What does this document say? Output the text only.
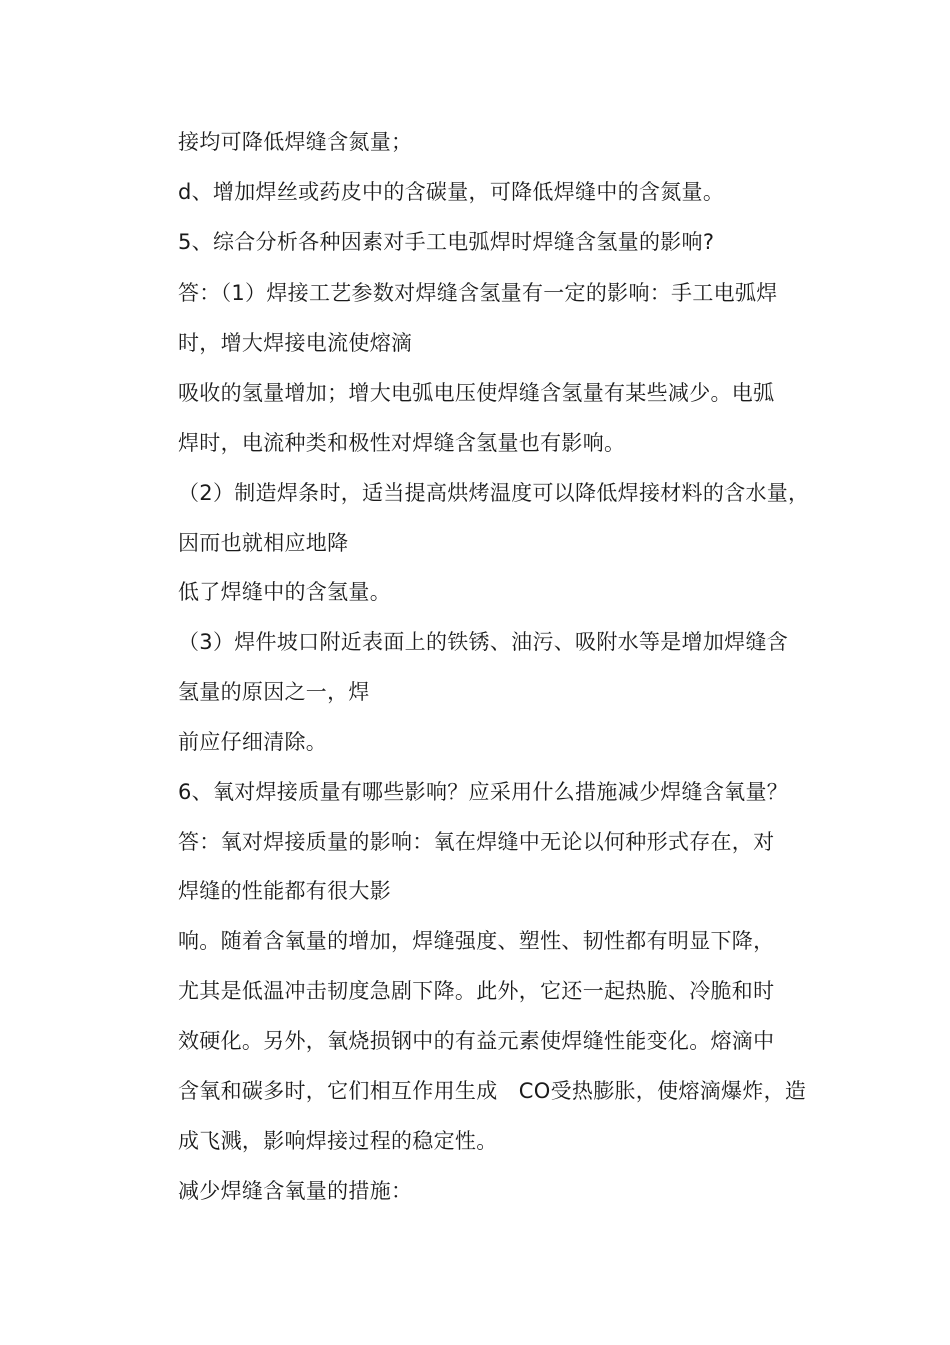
接均可降低焊缝含氮量；
d、增加焊丝或药皮中的含碳量，可降低焊缝中的含氮量。
5、综合分析各种因素对手工电弧焊时焊缝含氢量的影响?
答：（1）焊接工艺参数对焊缝含氢量有一定的影响：手工电弧焊
时，增大焊接电流使熔滴
吸收的氢量增加；增大电弧电压使焊缝含氢量有某些减少。电弧
焊时，电流种类和极性对焊缝含氢量也有影响。
（2）制造焊条时，适当提高烘烤温度可以降低焊接材料的含水量，
因而也就相应地降
低了焊缝中的含氢量。
（3）焊件坡口附近表面上的铁锈、油污、吸附水等是增加焊缝含
氢量的原因之一，焊
前应仔细清除。
6、氧对焊接质量有哪些影响？应采用什么措施减少焊缝含氧量？
答：氧对焊接质量的影响：氧在焊缝中无论以何种形式存在，对
焊缝的性能都有很大影
响。随着含氧量的增加，焊缝强度、塑性、韧性都有明显下降，
尤其是低温冲击韧度急剧下降。此外，它还一起热脆、冷脆和时
效硬化。另外，氧烧损钢中的有益元素使焊缝性能变化。熔滴中
含氧和碳多时，它们相互作用生成　CO受热膨胀，使熔滴爆炸，造
成飞溅，影响焊接过程的稳定性。
减少焊缝含氧量的措施：
